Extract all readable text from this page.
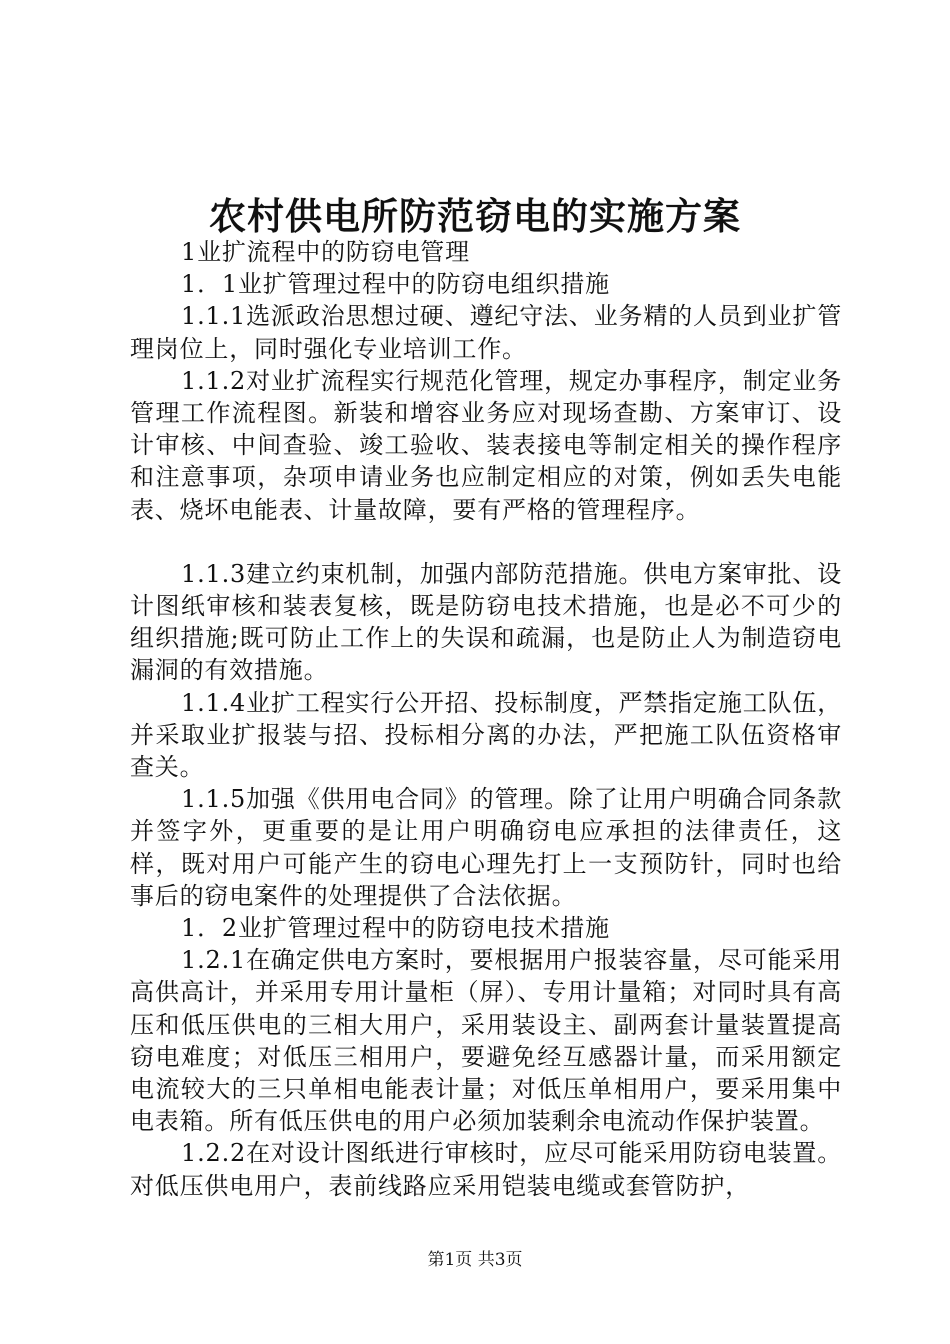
农村供电所防范窃电的实施方案

1业扩流程中的防窃电管理

1．1业扩管理过程中的防窃电组织措施

1.1.1选派政治思想过硬、遵纪守法、业务精的人员到业扩管理岗位上，同时强化专业培训工作。

1.1.2对业扩流程实行规范化管理，规定办事程序，制定业务管理工作流程图。新装和增容业务应对现场查勘、方案审订、设计审核、中间查验、竣工验收、装表接电等制定相关的操作程序和注意事项，杂项申请业务也应制定相应的对策，例如丢失电能表、烧坏电能表、计量故障，要有严格的管理程序。

1.1.3建立约束机制，加强内部防范措施。供电方案审批、设计图纸审核和装表复核，既是防窃电技术措施，也是必不可少的组织措施;既可防止工作上的失误和疏漏，也是防止人为制造窃电漏洞的有效措施。

1.1.4业扩工程实行公开招、投标制度，严禁指定施工队伍，并采取业扩报装与招、投标相分离的办法，严把施工队伍资格审查关。

1.1.5加强《供用电合同》的管理。除了让用户明确合同条款并签字外，更重要的是让用户明确窃电应承担的法律责任，这样，既对用户可能产生的窃电心理先打上一支预防针，同时也给事后的窃电案件的处理提供了合法依据。

1．2业扩管理过程中的防窃电技术措施

1.2.1在确定供电方案时，要根据用户报装容量，尽可能采用高供高计，并采用专用计量柜（屏）、专用计量箱；对同时具有高压和低压供电的三相大用户，采用装设主、副两套计量装置提高窃电难度；对低压三相用户，要避免经互感器计量，而采用额定电流较大的三只单相电能表计量；对低压单相用户，要采用集中电表箱。所有低压供电的用户必须加装剩余电流动作保护装置。

1.2.2在对设计图纸进行审核时，应尽可能采用防窃电装置。对低压供电用户，表前线路应采用铠装电缆或套管防护，

第1页 共3页
